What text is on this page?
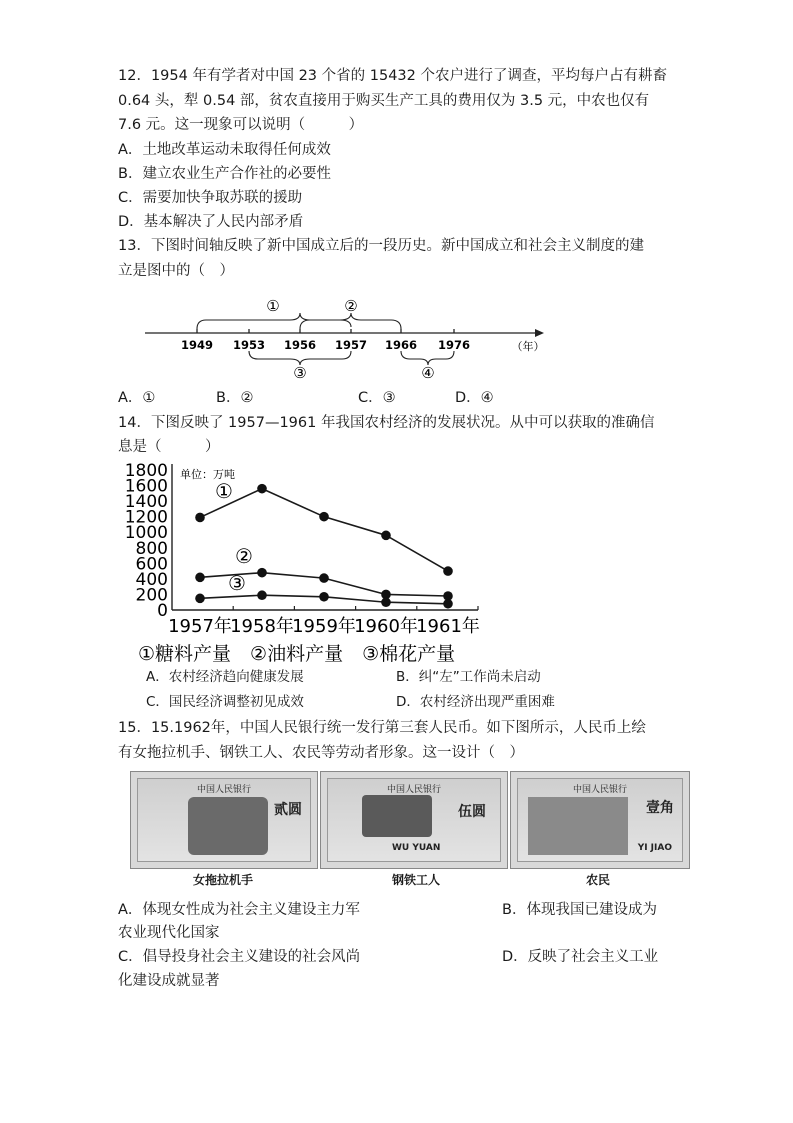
12．1954 年有学者对中国 23 个省的 15432 个农户进行了调查，平均每户占有耕畜
0.64 头，犁 0.54 部，贫农直接用于购买生产工具的费用仅为 3.5 元，中农也仅有
7.6 元。这一现象可以说明（　　　）
A．土地改革运动未取得任何成效
B．建立农业生产合作社的必要性
C．需要加快争取苏联的援助
D．基本解决了人民内部矛盾
13．下图时间轴反映了新中国成立后的一段历史。新中国成立和社会主义制度的建
立是图中的（　）
①	②
③	④
1949 1953 1956 1957 1966 1976	（年）
A．①	B．②	C．③	D．④
14．下图反映了 1957—1961 年我国农村经济的发展状况。从中可以获取的准确信
息是（　　　）
0
200
400
600
800
1000
1200
1400
1600
1800
1957年
1958年
1959年
1960年
1961年
①
②
③
单位：万吨
①糖料产量　②油料产量　③棉花产量
A．农村经济趋向健康发展	B．纠“左”工作尚未启动
C．国民经济调整初见成效	D．农村经济出现严重困难
15．15.1962年，中国人民银行统一发行第三套人民币。如下图所示，人民币上绘
有女拖拉机手、钢铁工人、农民等劳动者形象。这一设计（　）
中国人民银行
贰圆
中国人民银行
伍圆
WU YUAN
中国人民银行
壹角
YI JIAO
女拖拉机手	钢铁工人	农民
A．体现女性成为社会主义建设主力军	B．体现我国已建设成为
农业现代化国家
C．倡导投身社会主义建设的社会风尚	D．反映了社会主义工业
化建设成就显著
